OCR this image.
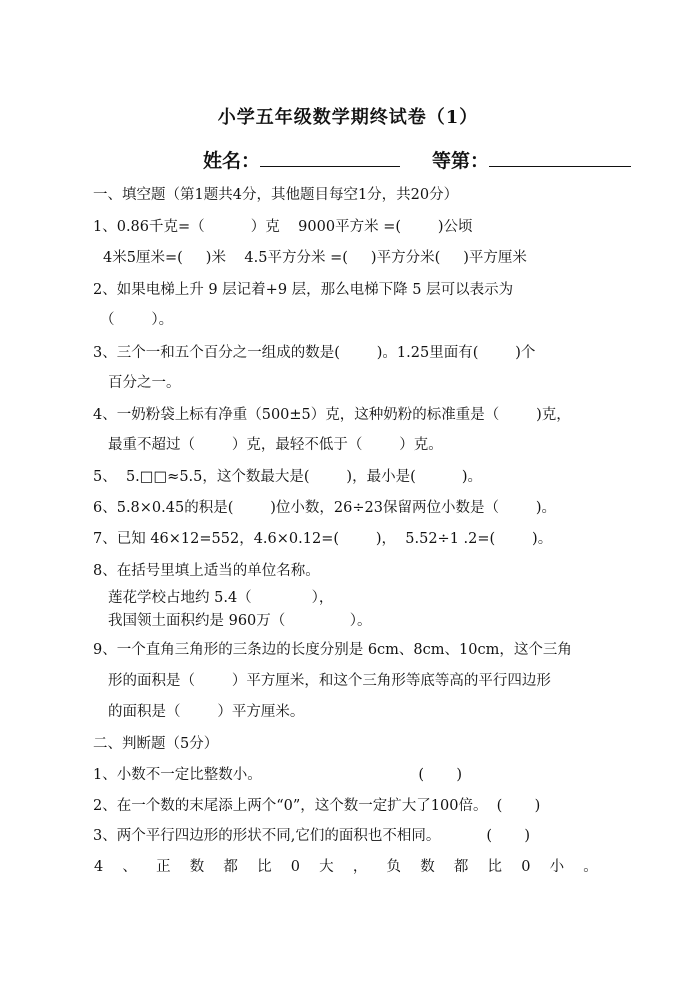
小学五年级数学期终试卷（1）
姓名：	等第：
一、填空题（第1题共4分，其他题目每空1分，共20分）
1、0.86千克=（          ）克    9000平方米 =(        )公顷
4米5厘米=(     )米    4.5平方分米 =(     )平方分米(     )平方厘米
2、如果电梯上升 9 层记着+9 层，那么电梯下降 5 层可以表示为
（        ）。
3、三个一和五个百分之一组成的数是(        )。1.25里面有(        )个
百分之一。
4、一奶粉袋上标有净重（500±5）克，这种奶粉的标准重是（        )克，
最重不超过（        ）克，最轻不低于（        ）克。
5、  5.□□≈5.5，这个数最大是(        )，最小是(          )。
6、5.8×0.45的积是(        )位小数，26÷23保留两位小数是（        )。
7、已知 46×12=552，4.6×0.12=(        )，  5.52÷1 .2=(        )。
8、在括号里填上适当的单位名称。
莲花学校占地约 5.4（             ），
我国领土面积约是 960万（              ）。
9、一个直角三角形的三条边的长度分别是 6cm、8cm、10cm，这个三角
形的面积是（        ）平方厘米，和这个三角形等底等高的平行四边形
的面积是（        ）平方厘米。
二、判断题（5分）
1、小数不一定比整数小。                                  (       )
2、在一个数的末尾添上两个“0”，这个数一定扩大了100倍。  (       )
3、两个平行四边形的形状不同,它们的面积也不相同。          (       )
4 、 正 数 都 比 0 大 ， 负 数 都 比 0 小 。
